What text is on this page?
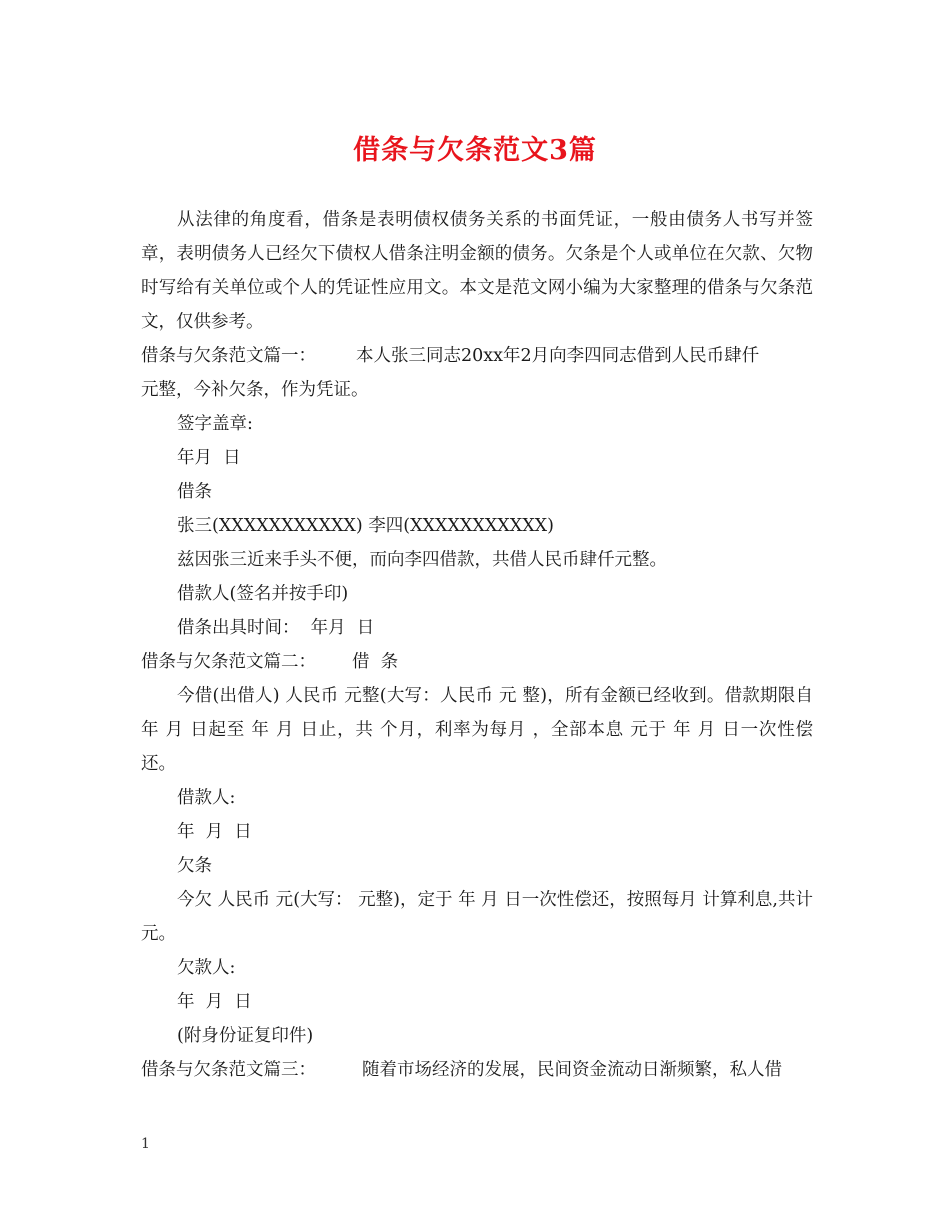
借条与欠条范文3篇

从法律的角度看，借条是表明债权债务关系的书面凭证，一般由债务人书写并签章，表明债务人已经欠下债权人借条注明金额的债务。欠条是个人或单位在欠款、欠物时写给有关单位或个人的凭证性应用文。本文是范文网小编为大家整理的借条与欠条范文，仅供参考。

借条与欠条范文篇一： 本人张三同志20xx年2月向李四同志借到人民币肆仟

元整，今补欠条，作为凭证。

签字盖章:

年月  日

借条

张三(XXXXXXXXXXX) 李四(XXXXXXXXXXX)

兹因张三近来手头不便，而向李四借款，共借人民币肆仟元整。

借款人(签名并按手印)

借条出具时间：  年月  日

借条与欠条范文篇二： 借  条

今借(出借人) 人民币 元整(大写：人民币 元 整)，所有金额已经收到。借款期限自 年 月 日起至 年 月 日止，共 个月，利率为每月 ，全部本息 元于 年 月 日一次性偿还。

借款人:

年  月  日

欠条

今欠 人民币 元(大写： 元整)，定于 年 月 日一次性偿还，按照每月 计算利息,共计 元。

欠款人:

年  月  日

(附身份证复印件)

借条与欠条范文篇三：	随着市场经济的发展，民间资金流动日渐频繁，私人借

1
